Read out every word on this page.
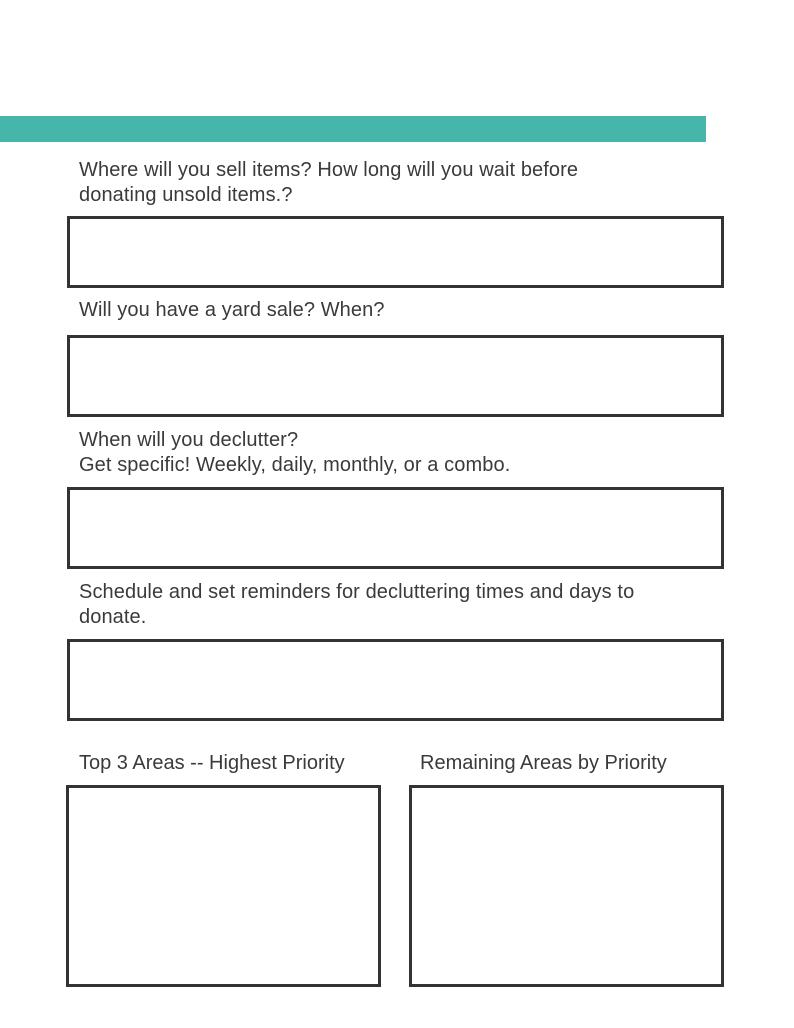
Where will you sell items? How long will you wait before
donating unsold items.?
Will you have a yard sale? When?
When will you declutter?
Get specific! Weekly, daily, monthly, or a combo.
Schedule and set reminders for decluttering times and days to
donate.
Top 3 Areas -- Highest Priority	Remaining Areas by Priority
